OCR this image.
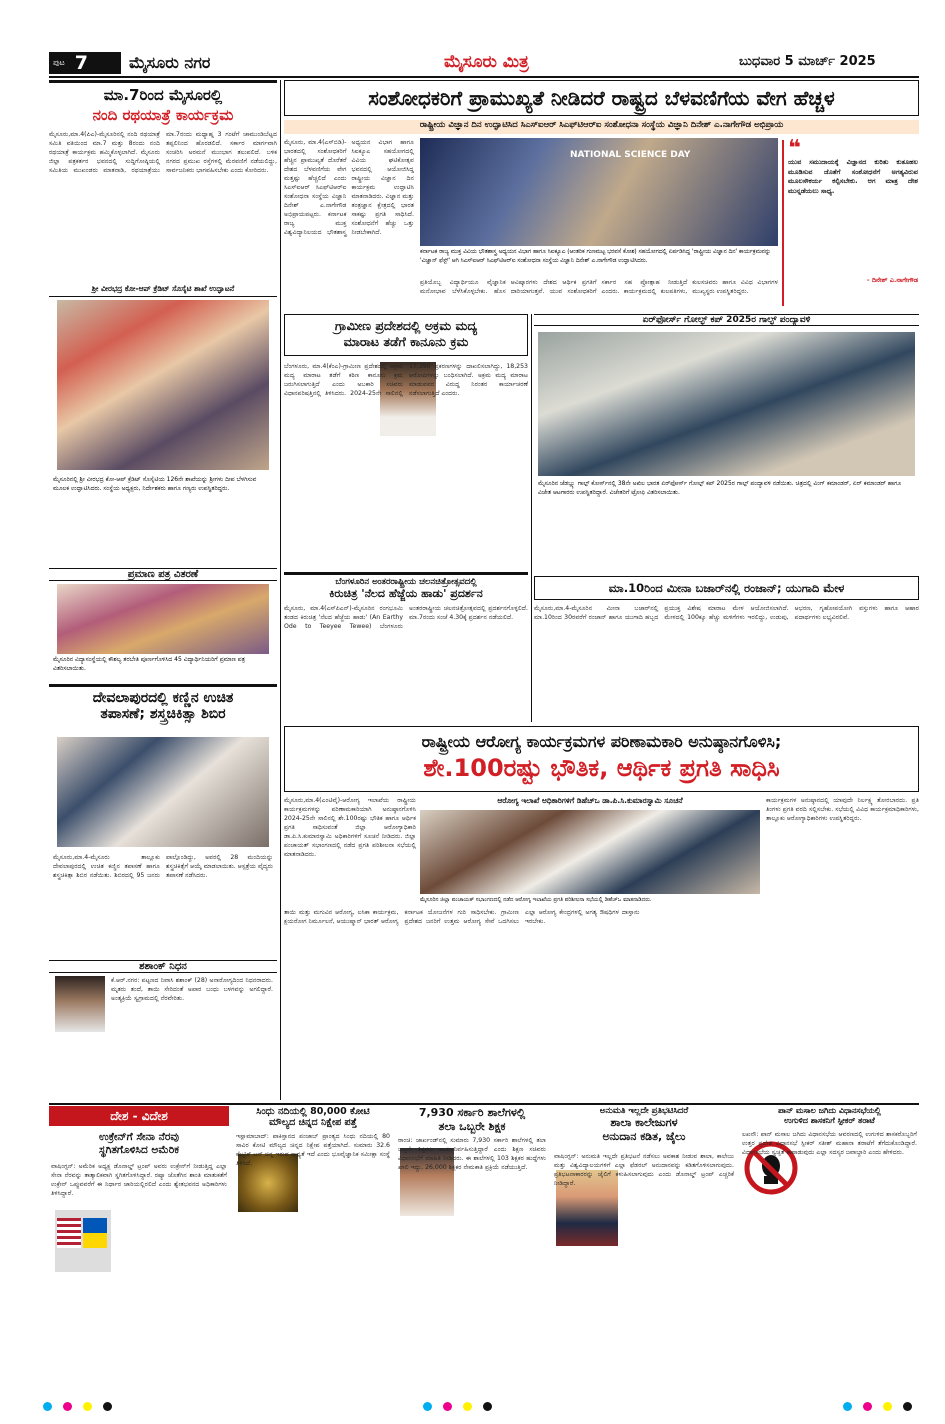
ಪುಟ 7	ಮೈಸೂರು ನಗರ	ಮೈಸೂರು ಮಿತ್ರ	ಬುಧವಾರ 5 ಮಾರ್ಚ್ 2025
ಮಾ.7ರಿಂದ ಮೈಸೂರಲ್ಲಿ
ನಂದಿ ರಥಯಾತ್ರೆ ಕಾರ್ಯಕ್ರಮ
ಮೈಸೂರು,ಮಾ.4(ಪಿಎ)-ಮೈಸೂರಿನಲ್ಲಿ ನಂದಿ ರಥಯಾತ್ರೆ ಸಮಿತಿ ವತಿಯಿಂದ ಮಾ.7 ಮತ್ತು 8ರಂದು ನಂದಿ ರಥಯಾತ್ರೆ ಕಾರ್ಯಕ್ರಮ ಹಮ್ಮಿಕೊಳ್ಳಲಾಗಿದೆ. ಮೈಸೂರು ಜಿಲ್ಲಾ ಪತ್ರಕರ್ತರ ಭವನದಲ್ಲಿ ಸುದ್ದಿಗೋಷ್ಠಿಯಲ್ಲಿ ಸಮಿತಿಯ ಮುಖಂಡರು ಮಾತನಾಡಿ, ರಥಯಾತ್ರೆಯು ಮಾ.7ರಂದು ಮಧ್ಯಾಹ್ನ 3 ಗಂಟೆಗೆ ಚಾಮುಂಡಿಬೆಟ್ಟದ ತಪ್ಪಲಿನಿಂದ ಹೊರಡಲಿದೆ. ಸರ್ಕಾರ ಮಾರ್ಗವಾಗಿ ಸಂಚರಿಸಿ ಅರಮನೆ ಮುಂಭಾಗ ತಲುಪಲಿದೆ. ಬಳಿಕ ನಗರದ ಪ್ರಮುಖ ರಸ್ತೆಗಳಲ್ಲಿ ಮೆರವಣಿಗೆ ನಡೆಯಲಿದ್ದು, ಸಾರ್ವಜನಿಕರು ಭಾಗವಹಿಸಬೇಕು ಎಂದು ಕೋರಿದರು.
ಶ್ರೀ ವೀರಭದ್ರ ಕೋ-ಆಪ್ ಕ್ರೆಡಿಟ್ ಸೊಸೈಟಿ ಶಾಖೆ ಉದ್ಘಾಟನೆ
ಮೈಸೂರಿನಲ್ಲಿ ಶ್ರೀ ವೀರಭದ್ರ ಕೋ-ಆಪ್ ಕ್ರೆಡಿಟ್ ಸೊಸೈಟಿಯ 126ನೇ ಶಾಖೆಯನ್ನು ಶ್ರೀಗಳು ದೀಪ ಬೆಳಗಿಸುವ ಮೂಲಕ ಉದ್ಘಾಟಿಸಿದರು. ಸಂಸ್ಥೆಯ ಅಧ್ಯಕ್ಷರು, ನಿರ್ದೇಶಕರು ಹಾಗೂ ಗಣ್ಯರು ಉಪಸ್ಥಿತರಿದ್ದರು.
ಪ್ರಮಾಣ ಪತ್ರ ವಿತರಣೆ
ಮೈಸೂರಿನ ವಿದ್ಯಾಸಂಸ್ಥೆಯಲ್ಲಿ ಕೌಶಲ್ಯ ತರಬೇತಿ ಪೂರ್ಣಗೊಳಿಸಿದ 45 ವಿದ್ಯಾರ್ಥಿನಿಯರಿಗೆ ಪ್ರಮಾಣ ಪತ್ರ ವಿತರಿಸಲಾಯಿತು.
ದೇವಲಾಪುರದಲ್ಲಿ ಕಣ್ಣಿನ ಉಚಿತ
ತಪಾಸಣೆ; ಶಸ್ತ್ರಚಿಕಿತ್ಸಾ ಶಿಬಿರ
ಮೈಸೂರು,ಮಾ.4-ಮೈಸೂರು ತಾಲ್ಲೂಕು ದೇವಲಾಪುರದಲ್ಲಿ ಉಚಿತ ಕಣ್ಣಿನ ತಪಾಸಣೆ ಹಾಗೂ ಶಸ್ತ್ರಚಿಕಿತ್ಸಾ ಶಿಬಿರ ನಡೆಯಿತು. ಶಿಬಿರದಲ್ಲಿ 95 ಜನರು ಪಾಲ್ಗೊಂಡಿದ್ದು, ಅವರಲ್ಲಿ 28 ಮಂದಿಯನ್ನು ಶಸ್ತ್ರಚಿಕಿತ್ಸೆಗೆ ಆಯ್ಕೆ ಮಾಡಲಾಯಿತು. ಆಸ್ಪತ್ರೆಯ ವೈದ್ಯರು ತಪಾಸಣೆ ನಡೆಸಿದರು.
ಶಶಾಂಕ್ ನಿಧನ
ಕೆ.ಆರ್.ನಗರ: ಪಟ್ಟಣದ ನಿವಾಸಿ ಶಶಾಂಕ್ (28) ಅನಾರೋಗ್ಯದಿಂದ ನಿಧನರಾದರು. ಮೃತರು ತಂದೆ, ತಾಯಿ ಸೇರಿದಂತೆ ಅಪಾರ ಬಂಧು ಬಳಗವನ್ನು ಅಗಲಿದ್ದಾರೆ. ಅಂತ್ಯಕ್ರಿಯೆ ಸ್ವಗ್ರಾಮದಲ್ಲಿ ನೆರವೇರಿತು.
ಸಂಶೋಧಕರಿಗೆ ಪ್ರಾಮುಖ್ಯತೆ ನೀಡಿದರೆ ರಾಷ್ಟ್ರದ ಬೆಳವಣಿಗೆಯ ವೇಗ ಹೆಚ್ಚಳ
ರಾಷ್ಟ್ರೀಯ ವಿಜ್ಞಾನ ದಿನ ಉದ್ಘಾಟಿಸಿದ ಸಿಎಸ್‌ಐಆರ್ ಸಿಎಫ್‌ಟಿಆರ್‌ಐ ಸಂಶೋಧನಾ ಸಂಸ್ಥೆಯ ವಿಜ್ಞಾನಿ ದಿನೇಶ್ ಎ.ನಾಗೇಗೌಡ ಅಭಿಪ್ರಾಯ
NATIONAL SCIENCE DAY
ಕರ್ನಾಟಕ ರಾಜ್ಯ ಮುಕ್ತ ವಿವಿಯ ಭೌತಶಾಸ್ತ್ರ ಅಧ್ಯಯನ ವಿಭಾಗ ಹಾಗೂ ಸಿಐಕ್ಯೂಎ (ಆಂತರಿಕ ಗುಣಮಟ್ಟ ಭರವಸೆ ಕೋಶ) ಸಹಯೋಗದಲ್ಲಿ ಏರ್ಪಡಿಸಿದ್ದ 'ರಾಷ್ಟ್ರೀಯ ವಿಜ್ಞಾನ ದಿನ' ಕಾರ್ಯಕ್ರಮವನ್ನು 'ವಿಜ್ಞಾನ್ ಫೆಸ್ಟ್' ಆಗಿ ಸಿಎಸ್‌ಐಆರ್ ಸಿಎಫ್‌ಟಿಆರ್‌ಐ ಸಂಶೋಧನಾ ಸಂಸ್ಥೆಯ ವಿಜ್ಞಾನಿ ದಿನೇಶ್ ಎ.ನಾಗೇಗೌಡ ಉದ್ಘಾಟಿಸಿದರು.
ಮೈಸೂರು, ಮಾ.4(ಎಸ್‌ಬಿಡಿ)-ಭಾರತದಲ್ಲಿ ಸಂಶೋಧಕರಿಗೆ ಹೆಚ್ಚಿನ ಪ್ರಾಮುಖ್ಯತೆ ದೊರೆತರೆ ದೇಶದ ಬೆಳವಣಿಗೆಯ ವೇಗ ಮತ್ತಷ್ಟು ಹೆಚ್ಚಲಿದೆ ಎಂದು ಸಿಎಸ್‌ಐಆರ್ ಸಿಎಫ್‌ಟಿಆರ್‌ಐ ಸಂಶೋಧನಾ ಸಂಸ್ಥೆಯ ವಿಜ್ಞಾನಿ ದಿನೇಶ್ ಎ.ನಾಗೇಗೌಡ ಅಭಿಪ್ರಾಯಪಟ್ಟರು. ಕರ್ನಾಟಕ ರಾಜ್ಯ ಮುಕ್ತ ವಿಶ್ವವಿದ್ಯಾನಿಲಯದ ಭೌತಶಾಸ್ತ್ರ ಅಧ್ಯಯನ ವಿಭಾಗ ಹಾಗೂ ಸಿಐಕ್ಯೂಎ ಸಹಯೋಗದಲ್ಲಿ ವಿವಿಯ ಘಟಿಕೋತ್ಸವ ಭವನದಲ್ಲಿ ಆಯೋಜಿಸಿದ್ದ ರಾಷ್ಟ್ರೀಯ ವಿಜ್ಞಾನ ದಿನ ಕಾರ್ಯಕ್ರಮ ಉದ್ಘಾಟಿಸಿ ಮಾತನಾಡಿದರು. ವಿಜ್ಞಾನ ಮತ್ತು ತಂತ್ರಜ್ಞಾನ ಕ್ಷೇತ್ರದಲ್ಲಿ ಭಾರತ ಸಾಕಷ್ಟು ಪ್ರಗತಿ ಸಾಧಿಸಿದೆ. ಸಂಶೋಧನೆಗೆ ಹೆಚ್ಚು ಒತ್ತು ನೀಡಬೇಕಾಗಿದೆ.
ಪ್ರತಿಯೊಬ್ಬ ವಿದ್ಯಾರ್ಥಿಯೂ ವೈಜ್ಞಾನಿಕ ಮನೋಭಾವ ಬೆಳೆಸಿಕೊಳ್ಳಬೇಕು. ಹೊಸ ಆವಿಷ್ಕಾರಗಳು ದೇಶದ ಆರ್ಥಿಕ ಪ್ರಗತಿಗೆ ದಾರಿಯಾಗುತ್ತವೆ. ಯುವ ಸಂಶೋಧಕರಿಗೆ ಸರ್ಕಾರ ಸಹ ಪ್ರೋತ್ಸಾಹ ನೀಡುತ್ತಿದೆ ಎಂದರು. ಕಾರ್ಯಕ್ರಮದಲ್ಲಿ ಕುಲಪತಿಗಳು, ಕುಲಸಚಿವರು ಹಾಗೂ ವಿವಿಧ ವಿಭಾಗಗಳ ಮುಖ್ಯಸ್ಥರು ಉಪಸ್ಥಿತರಿದ್ದರು.
❝
ಯುವ ಸಮುದಾಯಕ್ಕೆ ವಿಜ್ಞಾನದ ಕುರಿತು ಕುತೂಹಲ ಮೂಡಿಸುವ ಜೊತೆಗೆ ಸಂಶೋಧನೆಗೆ ಅಗತ್ಯವಿರುವ ಮೂಲಸೌಕರ್ಯ ಕಲ್ಪಿಸಬೇಕು. ಆಗ ಮಾತ್ರ ದೇಶ ಮುನ್ನಡೆಯಲು ಸಾಧ್ಯ.
- ದಿನೇಶ್ ಎ.ನಾಗೇಗೌಡ
ಗ್ರಾಮೀಣ ಪ್ರದೇಶದಲ್ಲಿ ಅಕ್ರಮ ಮದ್ಯ
ಮಾರಾಟ ತಡೆಗೆ ಕಾನೂನು ಕ್ರಮ
ಬೆಂಗಳೂರು, ಮಾ.4(ಕೆಂಎ)-ಗ್ರಾಮೀಣ ಪ್ರದೇಶದಲ್ಲಿ ಅಕ್ರಮ ಮದ್ಯ ಮಾರಾಟ ತಡೆಗೆ ಕಠಿಣ ಕಾನೂನು ಕ್ರಮ ಜರುಗಿಸಲಾಗುತ್ತಿದೆ ಎಂದು ಅಬಕಾರಿ ಸಚಿವರು ವಿಧಾನಪರಿಷತ್ತಿನಲ್ಲಿ ತಿಳಿಸಿದರು. 2024-25ನೇ ಸಾಲಿನಲ್ಲಿ 17,390 ಪ್ರಕರಣಗಳನ್ನು ದಾಖಲಿಸಲಾಗಿದ್ದು, 18,253 ಆರೋಪಿಗಳನ್ನು ಬಂಧಿಸಲಾಗಿದೆ. ಅಕ್ರಮ ಮದ್ಯ ಮಾರಾಟ ಮಾಡುವವರ ವಿರುದ್ಧ ನಿರಂತರ ಕಾರ್ಯಾಚರಣೆ ನಡೆಸಲಾಗುತ್ತಿದೆ ಎಂದರು.
ಬೆಂಗಳೂರಿನ ಅಂತರರಾಷ್ಟ್ರೀಯ ಚಲನಚಿತ್ರೋತ್ಸವದಲ್ಲಿ
ಕಿರುಚಿತ್ರ 'ನೆಲದ ಹೆಜ್ಜೆಯ ಹಾಡು' ಪ್ರದರ್ಶನ
ಮೈಸೂರು, ಮಾ.4(ಎಸ್‌ಪಿಎನ್)-ಮೈಸೂರಿನ ರಂಗಭೂಮಿ ತಂಡದ ಕಿರುಚಿತ್ರ 'ನೆಲದ ಹೆಜ್ಜೆಯ ಹಾಡು' (An Earthy Ode to Teeyee Tewee) ಬೆಂಗಳೂರು ಅಂತರರಾಷ್ಟ್ರೀಯ ಚಲನಚಿತ್ರೋತ್ಸವದಲ್ಲಿ ಪ್ರದರ್ಶನಗೊಳ್ಳಲಿದೆ. ಮಾ.7ರಂದು ಸಂಜೆ 4.30ಕ್ಕೆ ಪ್ರದರ್ಶನ ನಡೆಯಲಿದೆ.
ಏರ್‌ಫೋರ್ಸ್ ಗೋಲ್ಫ್ ಕಪ್ 2025ರ ಗಾಲ್ಫ್ ಪಂದ್ಯಾವಳಿ
ಮೈಸೂರಿನ ಜೆಡಬ್ಲ್ಯು ಗಾಲ್ಫ್ ಕೋರ್ಸ್‌ನಲ್ಲಿ 38ನೇ ಅಖಿಲ ಭಾರತ ಏರ್‌ಫೋರ್ಸ್ ಗೋಲ್ಫ್ ಕಪ್ 2025ರ ಗಾಲ್ಫ್ ಪಂದ್ಯಾವಳಿ ನಡೆಯಿತು. ಚಿತ್ರದಲ್ಲಿ ವಿಂಗ್ ಕಮಾಂಡರ್, ಏರ್ ಕಮಾಂಡರ್ ಹಾಗೂ ವಿಜೇತ ಆಟಗಾರರು ಉಪಸ್ಥಿತರಿದ್ದಾರೆ. ವಿಜೇತರಿಗೆ ಟ್ರೋಫಿ ವಿತರಿಸಲಾಯಿತು.
ಮಾ.10ರಿಂದ ಮೀನಾ ಬಜಾರ್‌ನಲ್ಲಿ ರಂಜಾನ್; ಯುಗಾದಿ ಮೇಳ
ಮೈಸೂರು,ಮಾ.4-ಮೈಸೂರಿನ ಮೀನಾ ಬಜಾರ್‌ನಲ್ಲಿ ಮಾ.10ರಿಂದ 30ರವರೆಗೆ ರಂಜಾನ್ ಹಾಗೂ ಯುಗಾದಿ ಹಬ್ಬದ ಪ್ರಯುಕ್ತ ವಿಶೇಷ ಮಾರಾಟ ಮೇಳ ಆಯೋಜಿಸಲಾಗಿದೆ. ಮೇಳದಲ್ಲಿ 100ಕ್ಕೂ ಹೆಚ್ಚು ಮಳಿಗೆಗಳು ಇರಲಿದ್ದು, ಉಡುಪು, ಆಭರಣ, ಗೃಹೋಪಯೋಗಿ ವಸ್ತುಗಳು ಹಾಗೂ ಆಹಾರ ಪದಾರ್ಥಗಳು ಲಭ್ಯವಿರಲಿವೆ.
ರಾಷ್ಟ್ರೀಯ ಆರೋಗ್ಯ ಕಾರ್ಯಕ್ರಮಗಳ ಪರಿಣಾಮಕಾರಿ ಅನುಷ್ಠಾನಗೊಳಿಸಿ;
ಶೇ.100ರಷ್ಟು ಭೌತಿಕ, ಆರ್ಥಿಕ ಪ್ರಗತಿ ಸಾಧಿಸಿ
ಮೈಸೂರು,ಮಾ.4(ಎಂಟಿವೈ)-ಆರೋಗ್ಯ ಇಲಾಖೆಯ ರಾಷ್ಟ್ರೀಯ ಕಾರ್ಯಕ್ರಮಗಳನ್ನು ಪರಿಣಾಮಕಾರಿಯಾಗಿ ಅನುಷ್ಠಾನಗೊಳಿಸಿ 2024-25ನೇ ಸಾಲಿನಲ್ಲಿ ಶೇ.100ರಷ್ಟು ಭೌತಿಕ ಹಾಗೂ ಆರ್ಥಿಕ ಪ್ರಗತಿ ಸಾಧಿಸುವಂತೆ ಜಿಲ್ಲಾ ಆರೋಗ್ಯಾಧಿಕಾರಿ ಡಾ.ಪಿ.ಸಿ.ಕುಮಾರಸ್ವಾಮಿ ಅಧಿಕಾರಿಗಳಿಗೆ ಸೂಚನೆ ನೀಡಿದರು. ಜಿಲ್ಲಾ ಪಂಚಾಯತ್ ಸಭಾಂಗಣದಲ್ಲಿ ನಡೆದ ಪ್ರಗತಿ ಪರಿಶೀಲನಾ ಸಭೆಯಲ್ಲಿ ಮಾತನಾಡಿದರು.
ಆರೋಗ್ಯ ಇಲಾಖೆ ಅಧಿಕಾರಿಗಳಿಗೆ ಡಿಹೆಚ್ಒ ಡಾ.ಪಿ.ಸಿ.ಕುಮಾರಸ್ವಾಮಿ ಸೂಚನೆ
ಮೈಸೂರಿನ ಜಿಲ್ಲಾ ಪಂಚಾಯತ್ ಸಭಾಂಗಣದಲ್ಲಿ ನಡೆದ ಆರೋಗ್ಯ ಇಲಾಖೆಯ ಪ್ರಗತಿ ಪರಿಶೀಲನಾ ಸಭೆಯಲ್ಲಿ ಡಿಹೆಚ್ಒ ಮಾತನಾಡಿದರು.
ತಾಯಿ ಮತ್ತು ಮಗುವಿನ ಆರೋಗ್ಯ, ಲಸಿಕಾ ಕಾರ್ಯಕ್ರಮ, ಕ್ಷಯರೋಗ ನಿರ್ಮೂಲನೆ, ಆಯುಷ್ಮಾನ್ ಭಾರತ್ ಆರೋಗ್ಯ ಕರ್ನಾಟಕ ಯೋಜನೆಗಳ ಗುರಿ ಸಾಧಿಸಬೇಕು. ಗ್ರಾಮೀಣ ಪ್ರದೇಶದ ಜನರಿಗೆ ಉತ್ತಮ ಆರೋಗ್ಯ ಸೇವೆ ಒದಗಿಸಲು ಎಲ್ಲಾ ಆರೋಗ್ಯ ಕೇಂದ್ರಗಳಲ್ಲಿ ಅಗತ್ಯ ಔಷಧಿಗಳ ದಾಸ್ತಾನು ಇರಬೇಕು.
ಕಾರ್ಯಕ್ರಮಗಳ ಅನುಷ್ಠಾನದಲ್ಲಿ ಯಾವುದೇ ನಿರ್ಲಕ್ಷ್ಯ ತೋರಬಾರದು. ಪ್ರತಿ ತಿಂಗಳು ಪ್ರಗತಿ ವರದಿ ಸಲ್ಲಿಸಬೇಕು. ಸಭೆಯಲ್ಲಿ ವಿವಿಧ ಕಾರ್ಯಕ್ರಮಾಧಿಕಾರಿಗಳು, ತಾಲ್ಲೂಕು ಆರೋಗ್ಯಾಧಿಕಾರಿಗಳು ಉಪಸ್ಥಿತರಿದ್ದರು.
ದೇಶ - ವಿದೇಶ
ಉಕ್ರೇನ್‌ಗೆ ಸೇನಾ ನೆರವು
ಸ್ಥಗಿತಗೊಳಿಸಿದ ಅಮೆರಿಕ
ವಾಷಿಂಗ್ಟನ್: ಅಮೆರಿಕ ಅಧ್ಯಕ್ಷ ಡೊನಾಲ್ಡ್ ಟ್ರಂಪ್ ಅವರು ಉಕ್ರೇನ್‌ಗೆ ನೀಡುತ್ತಿದ್ದ ಎಲ್ಲಾ ಸೇನಾ ನೆರವನ್ನು ತಾತ್ಕಾಲಿಕವಾಗಿ ಸ್ಥಗಿತಗೊಳಿಸಿದ್ದಾರೆ. ರಷ್ಯಾ ಜೊತೆಗಿನ ಶಾಂತಿ ಮಾತುಕತೆಗೆ ಉಕ್ರೇನ್ ಒಪ್ಪುವವರೆಗೆ ಈ ನಿರ್ಧಾರ ಜಾರಿಯಲ್ಲಿರಲಿದೆ ಎಂದು ಶ್ವೇತಭವನದ ಅಧಿಕಾರಿಗಳು ತಿಳಿಸಿದ್ದಾರೆ.
ಸಿಂಧು ನದಿಯಲ್ಲಿ 80,000 ಕೋಟಿ
ಮೌಲ್ಯದ ಚಿನ್ನದ ನಿಕ್ಷೇಪ ಪತ್ತೆ
ಇಸ್ಲಾಮಾಬಾದ್: ಪಾಕಿಸ್ತಾನದ ಪಂಜಾಬ್ ಪ್ರಾಂತ್ಯದ ಸಿಂಧು ನದಿಯಲ್ಲಿ 80 ಸಾವಿರ ಕೋಟಿ ಮೌಲ್ಯದ ಚಿನ್ನದ ನಿಕ್ಷೇಪ ಪತ್ತೆಯಾಗಿದೆ. ಸುಮಾರು 32.6 ಮೆಟ್ರಿಕ್ ಟನ್ ಚಿನ್ನ ಇರುವ ಸಾಧ್ಯತೆ ಇದೆ ಎಂದು ಭೂವೈಜ್ಞಾನಿಕ ಸಮೀಕ್ಷಾ ಸಂಸ್ಥೆ ತಿಳಿಸಿದೆ.
7,930 ಸರ್ಕಾರಿ ಶಾಲೆಗಳಲ್ಲಿ
ತಲಾ ಒಬ್ಬರೇ ಶಿಕ್ಷಕ
ರಾಂಚಿ: ಜಾರ್ಖಂಡ್‌ನಲ್ಲಿ ಸುಮಾರು 7,930 ಸರ್ಕಾರಿ ಶಾಲೆಗಳಲ್ಲಿ ತಲಾ ಒಬ್ಬರೇ ಶಿಕ್ಷಕರು ಕಾರ್ಯನಿರ್ವಹಿಸುತ್ತಿದ್ದಾರೆ ಎಂದು ಶಿಕ್ಷಣ ಸಚಿವರು ವಿಧಾನಸಭೆಗೆ ಮಾಹಿತಿ ನೀಡಿದರು. ಈ ಶಾಲೆಗಳಲ್ಲಿ 103 ಶಿಕ್ಷಕರ ಹುದ್ದೆಗಳು ಖಾಲಿ ಇದ್ದು, 26,000 ಶಿಕ್ಷಕರ ನೇಮಕಾತಿ ಪ್ರಕ್ರಿಯೆ ನಡೆಯುತ್ತಿದೆ.
ಅನುಮತಿ ಇಲ್ಲದೇ ಪ್ರತಿಭಟಿಸಿದರೆ
ಶಾಲಾ ಕಾಲೇಜುಗಳ
ಅನುದಾನ ಕಡಿತ, ಜೈಲು
ವಾಷಿಂಗ್ಟನ್: ಅನುಮತಿ ಇಲ್ಲದೇ ಪ್ರತಿಭಟನೆ ನಡೆಸಲು ಅವಕಾಶ ನೀಡುವ ಶಾಲಾ, ಕಾಲೇಜು ಮತ್ತು ವಿಶ್ವವಿದ್ಯಾಲಯಗಳಿಗೆ ಎಲ್ಲಾ ಫೆಡರಲ್ ಅನುದಾನವನ್ನು ಕಡಿತಗೊಳಿಸಲಾಗುವುದು. ಪ್ರತಿಭಟನಾಕಾರರನ್ನು ಜೈಲಿಗೆ ಕಳುಹಿಸಲಾಗುವುದು ಎಂದು ಡೊನಾಲ್ಡ್ ಟ್ರಂಪ್ ಎಚ್ಚರಿಕೆ ನೀಡಿದ್ದಾರೆ.
ಪಾನ್ ಮಸಾಲ ಜಗಿದು ವಿಧಾನಸಭೆಯಲ್ಲಿ
ಉಗುಳಿದ ಶಾಸಕನಿಗೆ ಸ್ಪೀಕರ್ ತರಾಟೆ
ಲಖನೌ: ಪಾನ್ ಮಸಾಲ ಜಗಿದು ವಿಧಾನಸಭೆಯ ಆವರಣದಲ್ಲಿ ಉಗುಳಿದ ಶಾಸಕರೊಬ್ಬರಿಗೆ ಉತ್ತರ ಪ್ರದೇಶ ವಿಧಾನಸಭೆ ಸ್ಪೀಕರ್ ಸತೀಶ್ ಮಹಾನಾ ತರಾಟೆಗೆ ತೆಗೆದುಕೊಂಡಿದ್ದಾರೆ. ವಿಧಾನಸಭೆಯ ಸ್ವಚ್ಛತೆ ಕಾಪಾಡುವುದು ಎಲ್ಲಾ ಸದಸ್ಯರ ಜವಾಬ್ದಾರಿ ಎಂದು ಹೇಳಿದರು.
